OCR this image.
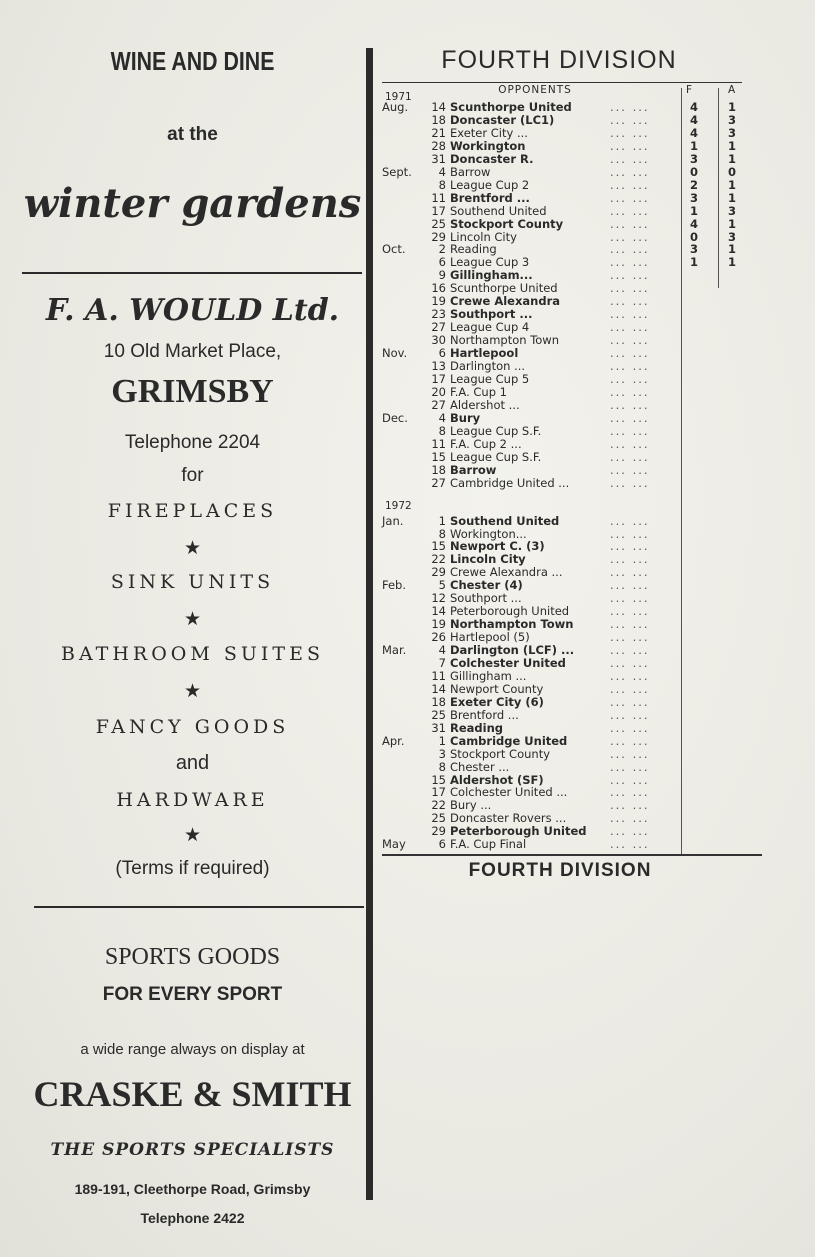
WINE AND DINE
at the
winter gardens
F. A. WOULD Ltd.
10 Old Market Place,
GRIMSBY
Telephone 2204
for
FIREPLACES
★
SINK UNITS
★
BATHROOM SUITES
★
FANCY GOODS
and
HARDWARE
★
(Terms if required)
SPORTS GOODS
FOR EVERY SPORT
a wide range always on display at
CRASKE & SMITH
THE SPORTS SPECIALISTS
189-191, Cleethorpe Road, Grimsby
Telephone 2422
FOURTH DIVISION
OPPONENTS	F	A
1971
1972
Aug.	14 Scunthorpe United	... ...	4	1
18 Doncaster (LC1)	... ...	4	3
21 Exeter City ...	... ...	4	3
28 Workington	... ...	1	1
31 Doncaster R.	... ...	3	1
Sept.	4 Barrow	... ...	0	0
8 League Cup 2	... ...	2	1
11 Brentford ...	... ...	3	1
17 Southend United	... ...	1	3
25 Stockport County	... ...	4	1
29 Lincoln City	... ...	0	3
Oct.	2 Reading	... ...	3	1
6 League Cup 3	... ...	1	1
9 Gillingham...	... ...
16 Scunthorpe United	... ...
19 Crewe Alexandra	... ...
23 Southport ...	... ...
27 League Cup 4	... ...
30 Northampton Town	... ...
Nov.	6 Hartlepool	... ...
13 Darlington ...	... ...
17 League Cup 5	... ...
20 F.A. Cup 1	... ...
27 Aldershot ...	... ...
Dec.	4 Bury	... ...
8 League Cup S.F.	... ...
11 F.A. Cup 2 ...	... ...
15 League Cup S.F.	... ...
18 Barrow	... ...
27 Cambridge United ...	... ...
Jan.	1 Southend United	... ...
8 Workington...	... ...
15 Newport C. (3)	... ...
22 Lincoln City	... ...
29 Crewe Alexandra ...	... ...
Feb.	5 Chester (4)	... ...
12 Southport ...	... ...
14 Peterborough United	... ...
19 Northampton Town	... ...
26 Hartlepool (5)	... ...
Mar.	4 Darlington (LCF) ...	... ...
7 Colchester United	... ...
11 Gillingham ...	... ...
14 Newport County	... ...
18 Exeter City (6)	... ...
25 Brentford ...	... ...
31 Reading	... ...
Apr.	1 Cambridge United	... ...
3 Stockport County	... ...
8 Chester ...	... ...
15 Aldershot (SF)	... ...
17 Colchester United ...	... ...
22 Bury ...	... ...
25 Doncaster Rovers ...	... ...
29 Peterborough United ... ...
May	6 F.A. Cup Final	... ...
FOURTH DIVISION
